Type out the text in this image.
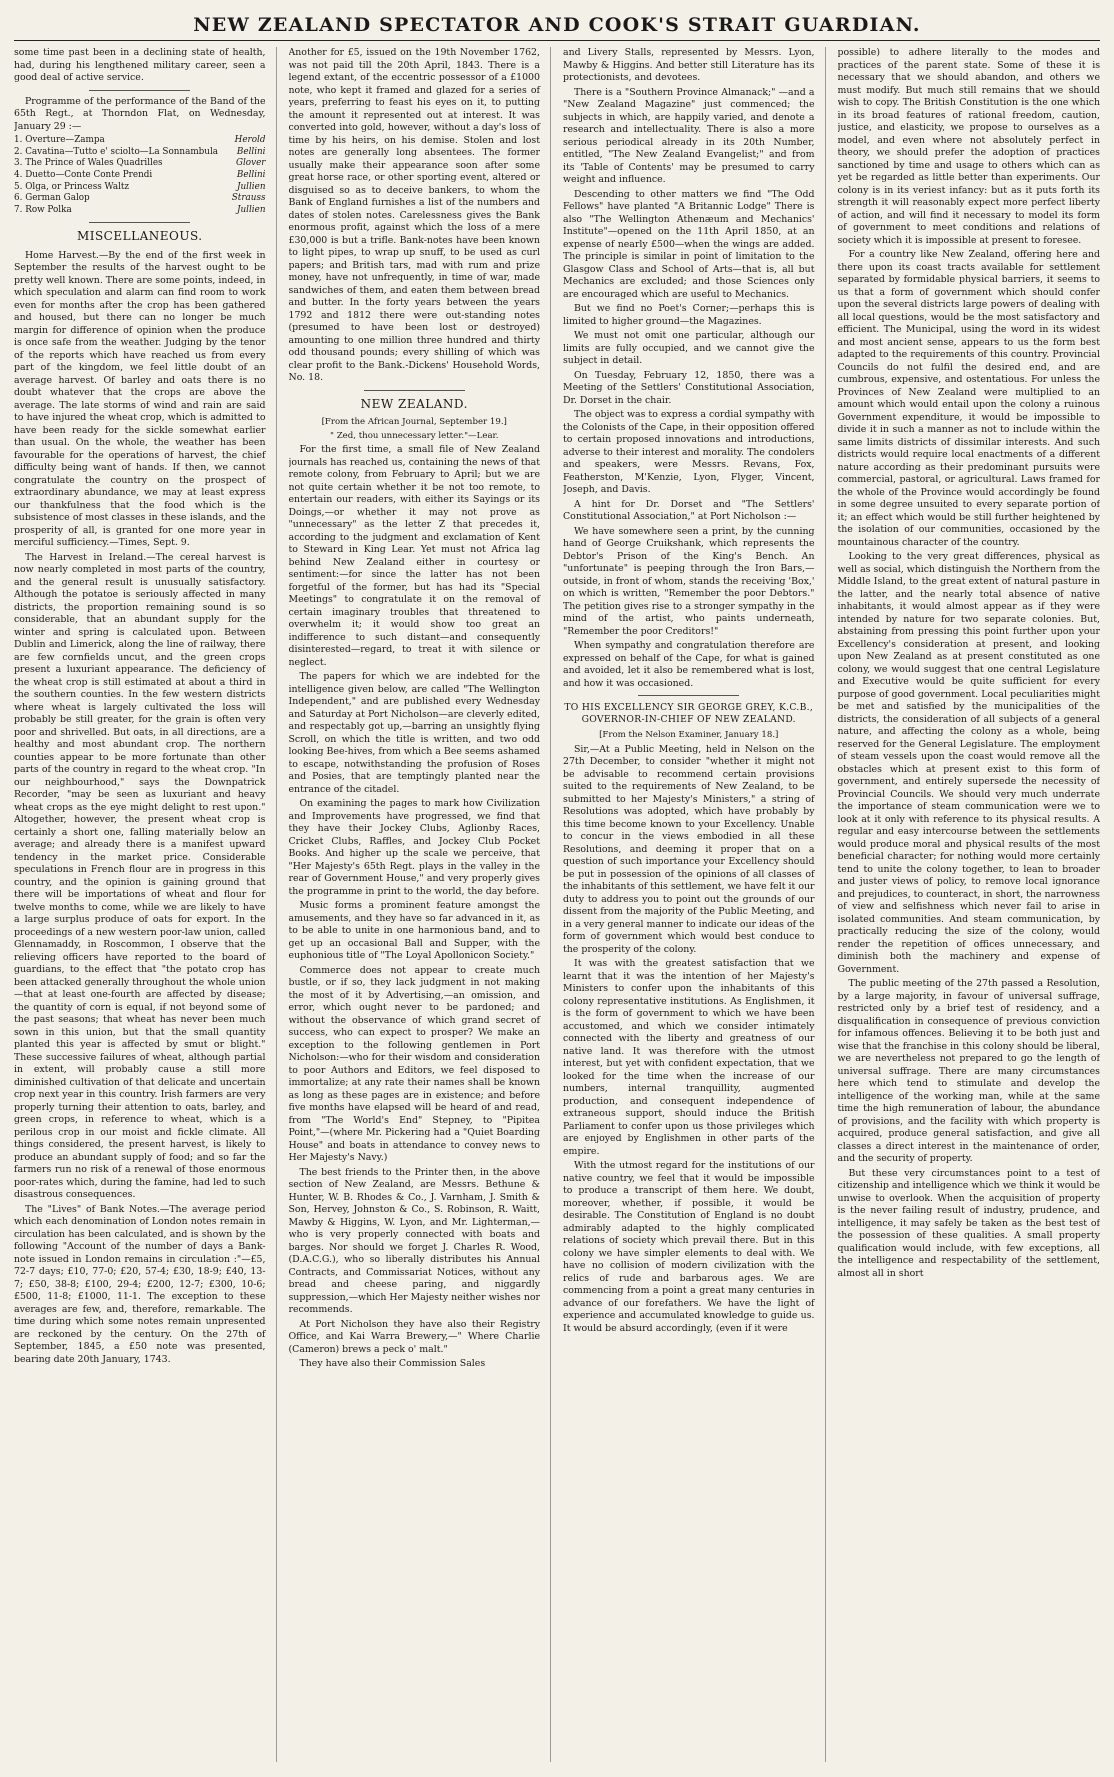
NEW ZEALAND SPECTATOR AND COOK'S STRAIT GUARDIAN.

some time past been in a declining state of health, had, during his lengthened military career, seen a good deal of active service.

Programme of the performance of the Band of the 65th Regt., at Thorndon Flat, on Wednesday, January 29 :—

1. Overture—Zampa	Herold
2. Cavatina—Tutto e' sciolto—La Sonnambula Bellini
3. The Prince of Wales Quadrilles	Glover
4. Duetto—Conte Conte Prendi	Bellini
5. Olga, or Princess Waltz	Jullien
6. German Galop	Strauss
7. Row Polka	Jullien
MISCELLANEOUS.

Home Harvest.—By the end of the first week in September the results of the harvest ought to be pretty well known. There are some points, indeed, in which speculation and alarm can find room to work even for months after the crop has been gathered and housed, but there can no longer be much margin for difference of opinion when the produce is once safe from the weather. Judging by the tenor of the reports which have reached us from every part of the kingdom, we feel little doubt of an average harvest. Of barley and oats there is no doubt whatever that the crops are above the average. The late storms of wind and rain are said to have injured the wheat crop, which is admitted to have been ready for the sickle somewhat earlier than usual. On the whole, the weather has been favourable for the operations of harvest, the chief difficulty being want of hands. If then, we cannot congratulate the country on the prospect of extraordinary abundance, we may at least express our thankfulness that the food which is the subsistence of most classes in these islands, and the prosperity of all, is granted for one more year in merciful sufficiency.—Times, Sept. 9.

The Harvest in Ireland.—The cereal harvest is now nearly completed in most parts of the country, and the general result is unusually satisfactory. Although the potatoe is seriously affected in many districts, the proportion remaining sound is so considerable, that an abundant supply for the winter and spring is calculated upon. Between Dublin and Limerick, along the line of railway, there are few cornfields uncut, and the green crops present a luxuriant appearance. The deficiency of the wheat crop is still estimated at about a third in the southern counties. In the few western districts where wheat is largely cultivated the loss will probably be still greater, for the grain is often very poor and shrivelled. But oats, in all directions, are a healthy and most abundant crop. The northern counties appear to be more fortunate than other parts of the country in regard to the wheat crop. "In our neighbourhood," says the Downpatrick Recorder, "may be seen as luxuriant and heavy wheat crops as the eye might delight to rest upon." Altogether, however, the present wheat crop is certainly a short one, falling materially below an average; and already there is a manifest upward tendency in the market price. Considerable speculations in French flour are in progress in this country, and the opinion is gaining ground that there will be importations of wheat and flour for twelve months to come, while we are likely to have a large surplus produce of oats for export. In the proceedings of a new western poor-law union, called Glennamaddy, in Roscommon, I observe that the relieving officers have reported to the board of guardians, to the effect that "the potato crop has been attacked generally throughout the whole union—that at least one-fourth are affected by disease; the quantity of corn is equal, if not beyond some of the past seasons; that wheat has never been much sown in this union, but that the small quantity planted this year is affected by smut or blight." These successive failures of wheat, although partial in extent, will probably cause a still more diminished cultivation of that delicate and uncertain crop next year in this country. Irish farmers are very properly turning their attention to oats, barley, and green crops, in reference to wheat, which is a perilous crop in our moist and fickle climate. All things considered, the present harvest, is likely to produce an abundant supply of food; and so far the farmers run no risk of a renewal of those enormous poor-rates which, during the famine, had led to such disastrous consequences.

The "Lives" of Bank Notes.—The average period which each denomination of London notes remain in circulation has been calculated, and is shown by the following "Account of the number of days a Bank-note issued in London remains in circulation :"—£5, 72-7 days; £10, 77-0; £20, 57-4; £30, 18-9; £40, 13-7; £50, 38-8; £100, 29-4; £200, 12-7; £300, 10-6; £500, 11-8; £1000, 11-1. The exception to these averages are few, and, therefore, remarkable. The time during which some notes remain unpresented are reckoned by the century. On the 27th of September, 1845, a £50 note was presented, bearing date 20th January, 1743.

Another for £5, issued on the 19th November 1762, was not paid till the 20th April, 1843. There is a legend extant, of the eccentric possessor of a £1000 note, who kept it framed and glazed for a series of years, preferring to feast his eyes on it, to putting the amount it represented out at interest. It was converted into gold, however, without a day's loss of time by his heirs, on his demise. Stolen and lost notes are generally long absentees. The former usually make their appearance soon after some great horse race, or other sporting event, altered or disguised so as to deceive bankers, to whom the Bank of England furnishes a list of the numbers and dates of stolen notes. Carelessness gives the Bank enormous profit, against which the loss of a mere £30,000 is but a trifle. Bank-notes have been known to light pipes, to wrap up snuff, to be used as curl papers; and British tars, mad with rum and prize money, have not unfrequently, in time of war, made sandwiches of them, and eaten them between bread and butter. In the forty years between the years 1792 and 1812 there were out-standing notes (presumed to have been lost or destroyed) amounting to one million three hundred and thirty odd thousand pounds; every shilling of which was clear profit to the Bank.-Dickens' Household Words, No. 18.

NEW ZEALAND.

[From the African Journal, September 19.]

" Zed, thou unnecessary letter."—Lear.

For the first time, a small file of New Zealand journals has reached us, containing the news of that remote colony, from February to April; but we are not quite certain whether it be not too remote, to entertain our readers, with either its Sayings or its Doings,—or whether it may not prove as "unnecessary" as the letter Z that precedes it, according to the judgment and exclamation of Kent to Steward in King Lear. Yet must not Africa lag behind New Zealand either in courtesy or sentiment:—for since the latter has not been forgetful of the former, but has had its "Special Meetings" to congratulate it on the removal of certain imaginary troubles that threatened to overwhelm it; it would show too great an indifference to such distant—and consequently disinterested—regard, to treat it with silence or neglect.

The papers for which we are indebted for the intelligence given below, are called "The Wellington Independent," and are published every Wednesday and Saturday at Port Nicholson—are cleverly edited, and respectably got up,—barring an unsightly flying Scroll, on which the title is written, and two odd looking Bee-hives, from which a Bee seems ashamed to escape, notwithstanding the profusion of Roses and Posies, that are temptingly planted near the entrance of the citadel.

On examining the pages to mark how Civilization and Improvements have progressed, we find that they have their Jockey Clubs, Aglionby Races, Cricket Clubs, Raffles, and Jockey Club Pocket Books. And higher up the scale we perceive, that "Her Majesty's 65th Regt. plays in the valley in the rear of Government House," and very properly gives the programme in print to the world, the day before.

Music forms a prominent feature amongst the amusements, and they have so far advanced in it, as to be able to unite in one harmonious band, and to get up an occasional Ball and Supper, with the euphonious title of "The Loyal Apollonicon Society."

Commerce does not appear to create much bustle, or if so, they lack judgment in not making the most of it by Advertising,—an omission, and error, which ought never to be pardoned; and without the observance of which grand secret of success, who can expect to prosper? We make an exception to the following gentlemen in Port Nicholson:—who for their wisdom and consideration to poor Authors and Editors, we feel disposed to immortalize; at any rate their names shall be known as long as these pages are in existence; and before five months have elapsed will be heard of and read, from "The World's End" Stepney, to "Pipitea Point,"—(where Mr. Pickering had a "Quiet Boarding House" and boats in attendance to convey news to Her Majesty's Navy.)

The best friends to the Printer then, in the above section of New Zealand, are Messrs. Bethune & Hunter, W. B. Rhodes & Co., J. Varnham, J. Smith & Son, Hervey, Johnston & Co., S. Robinson, R. Waitt, Mawby & Higgins, W. Lyon, and Mr. Lighterman,—who is very properly connected with boats and barges. Nor should we forget J. Charles R. Wood, (D.A.C.G.), who so liberally distributes his Annual Contracts, and Commissariat Notices, without any bread and cheese paring, and niggardly suppression,—which Her Majesty neither wishes nor recommends.

At Port Nicholson they have also their Registry Office, and Kai Warra Brewery,—" Where Charlie (Cameron) brews a peck o' malt."

They have also their Commission Sales

and Livery Stalls, represented by Messrs. Lyon, Mawby & Higgins. And better still Literature has its protectionists, and devotees.

There is a "Southern Province Almanack;" —and a "New Zealand Magazine" just commenced; the subjects in which, are happily varied, and denote a research and intellectuality. There is also a more serious periodical already in its 20th Number, entitled, "The New Zealand Evangelist;" and from its 'Table of Contents' may be presumed to carry weight and influence.

Descending to other matters we find "The Odd Fellows" have planted "A Britannic Lodge" There is also "The Wellington Athenæum and Mechanics' Institute"—opened on the 11th April 1850, at an expense of nearly £500—when the wings are added. The principle is similar in point of limitation to the Glasgow Class and School of Arts—that is, all but Mechanics are excluded; and those Sciences only are encouraged which are useful to Mechanics.

But we find no Poet's Corner;—perhaps this is limited to higher ground—the Magazines.

We must not omit one particular, although our limits are fully occupied, and we cannot give the subject in detail.

On Tuesday, February 12, 1850, there was a Meeting of the Settlers' Constitutional Association, Dr. Dorset in the chair.

The object was to express a cordial sympathy with the Colonists of the Cape, in their opposition offered to certain proposed innovations and introductions, adverse to their interest and morality. The condolers and speakers, were Messrs. Revans, Fox, Featherston, M'Kenzie, Lyon, Flyger, Vincent, Joseph, and Davis.

A hint for Dr. Dorset and "The Settlers' Constitutional Association," at Port Nicholson :—

We have somewhere seen a print, by the cunning hand of George Cruikshank, which represents the Debtor's Prison of the King's Bench. An "unfortunate" is peeping through the Iron Bars,—outside, in front of whom, stands the receiving 'Box,' on which is written, "Remember the poor Debtors." The petition gives rise to a stronger sympathy in the mind of the artist, who paints underneath, "Remember the poor Creditors!"

When sympathy and congratulation therefore are expressed on behalf of the Cape, for what is gained and avoided, let it also be remembered what is lost, and how it was occasioned.

TO HIS EXCELLENCY SIR GEORGE GREY, K.C.B., GOVERNOR-IN-CHIEF OF NEW ZEALAND.

[From the Nelson Examiner, January 18.]

Sir,—At a Public Meeting, held in Nelson on the 27th December, to consider "whether it might not be advisable to recommend certain provisions suited to the requirements of New Zealand, to be submitted to her Majesty's Ministers," a string of Resolutions was adopted, which have probably by this time become known to your Excellency. Unable to concur in the views embodied in all these Resolutions, and deeming it proper that on a question of such importance your Excellency should be put in possession of the opinions of all classes of the inhabitants of this settlement, we have felt it our duty to address you to point out the grounds of our dissent from the majority of the Public Meeting, and in a very general manner to indicate our ideas of the form of government which would best conduce to the prosperity of the colony.

It was with the greatest satisfaction that we learnt that it was the intention of her Majesty's Ministers to confer upon the inhabitants of this colony representative institutions. As Englishmen, it is the form of government to which we have been accustomed, and which we consider intimately connected with the liberty and greatness of our native land. It was therefore with the utmost interest, but yet with confident expectation, that we looked for the time when the increase of our numbers, internal tranquillity, augmented production, and consequent independence of extraneous support, should induce the British Parliament to confer upon us those privileges which are enjoyed by Englishmen in other parts of the empire.

With the utmost regard for the institutions of our native country, we feel that it would be impossible to produce a transcript of them here. We doubt, moreover, whether, if possible, it would be desirable. The Constitution of England is no doubt admirably adapted to the highly complicated relations of society which prevail there. But in this colony we have simpler elements to deal with. We have no collision of modern civilization with the relics of rude and barbarous ages. We are commencing from a point a great many centuries in advance of our forefathers. We have the light of experience and accumulated knowledge to guide us. It would be absurd accordingly, (even if it were

possible) to adhere literally to the modes and practices of the parent state. Some of these it is necessary that we should abandon, and others we must modify. But much still remains that we should wish to copy. The British Constitution is the one which in its broad features of rational freedom, caution, justice, and elasticity, we propose to ourselves as a model, and even where not absolutely perfect in theory, we should prefer the adoption of practices sanctioned by time and usage to others which can as yet be regarded as little better than experiments. Our colony is in its veriest infancy: but as it puts forth its strength it will reasonably expect more perfect liberty of action, and will find it necessary to model its form of government to meet conditions and relations of society which it is impossible at present to foresee.

For a country like New Zealand, offering here and there upon its coast tracts available for settlement separated by formidable physical barriers, it seems to us that a form of government which should confer upon the several districts large powers of dealing with all local questions, would be the most satisfactory and efficient. The Municipal, using the word in its widest and most ancient sense, appears to us the form best adapted to the requirements of this country. Provincial Councils do not fulfil the desired end, and are cumbrous, expensive, and ostentatious. For unless the Provinces of New Zealand were multiplied to an amount which would entail upon the colony a ruinous Government expenditure, it would be impossible to divide it in such a manner as not to include within the same limits districts of dissimilar interests. And such districts would require local enactments of a different nature according as their predominant pursuits were commercial, pastoral, or agricultural. Laws framed for the whole of the Province would accordingly be found in some degree unsuited to every separate portion of it; an effect which would be still further heightened by the isolation of our communities, occasioned by the mountainous character of the country.

Looking to the very great differences, physical as well as social, which distinguish the Northern from the Middle Island, to the great extent of natural pasture in the latter, and the nearly total absence of native inhabitants, it would almost appear as if they were intended by nature for two separate colonies. But, abstaining from pressing this point further upon your Excellency's consideration at present, and looking upon New Zealand as at present constituted as one colony, we would suggest that one central Legislature and Executive would be quite sufficient for every purpose of good government. Local peculiarities might be met and satisfied by the municipalities of the districts, the consideration of all subjects of a general nature, and affecting the colony as a whole, being reserved for the General Legislature. The employment of steam vessels upon the coast would remove all the obstacles which at present exist to this form of government, and entirely supersede the necessity of Provincial Councils. We should very much underrate the importance of steam communication were we to look at it only with reference to its physical results. A regular and easy intercourse between the settlements would produce moral and physical results of the most beneficial character; for nothing would more certainly tend to unite the colony together, to lean to broader and juster views of policy, to remove local ignorance and prejudices, to counteract, in short, the narrowness of view and selfishness which never fail to arise in isolated communities. And steam communication, by practically reducing the size of the colony, would render the repetition of offices unnecessary, and diminish both the machinery and expense of Government.

The public meeting of the 27th passed a Resolution, by a large majority, in favour of universal suffrage, restricted only by a brief test of residency, and a disqualification in consequence of previous conviction for infamous offences. Believing it to be both just and wise that the franchise in this colony should be liberal, we are nevertheless not prepared to go the length of universal suffrage. There are many circumstances here which tend to stimulate and develop the intelligence of the working man, while at the same time the high remuneration of labour, the abundance of provisions, and the facility with which property is acquired, produce general satisfaction, and give all classes a direct interest in the maintenance of order, and the security of property.

But these very circumstances point to a test of citizenship and intelligence which we think it would be unwise to overlook. When the acquisition of property is the never failing result of industry, prudence, and intelligence, it may safely be taken as the best test of the possession of these qualities. A small property qualification would include, with few exceptions, all the intelligence and respectability of the settlement, almost all in short
